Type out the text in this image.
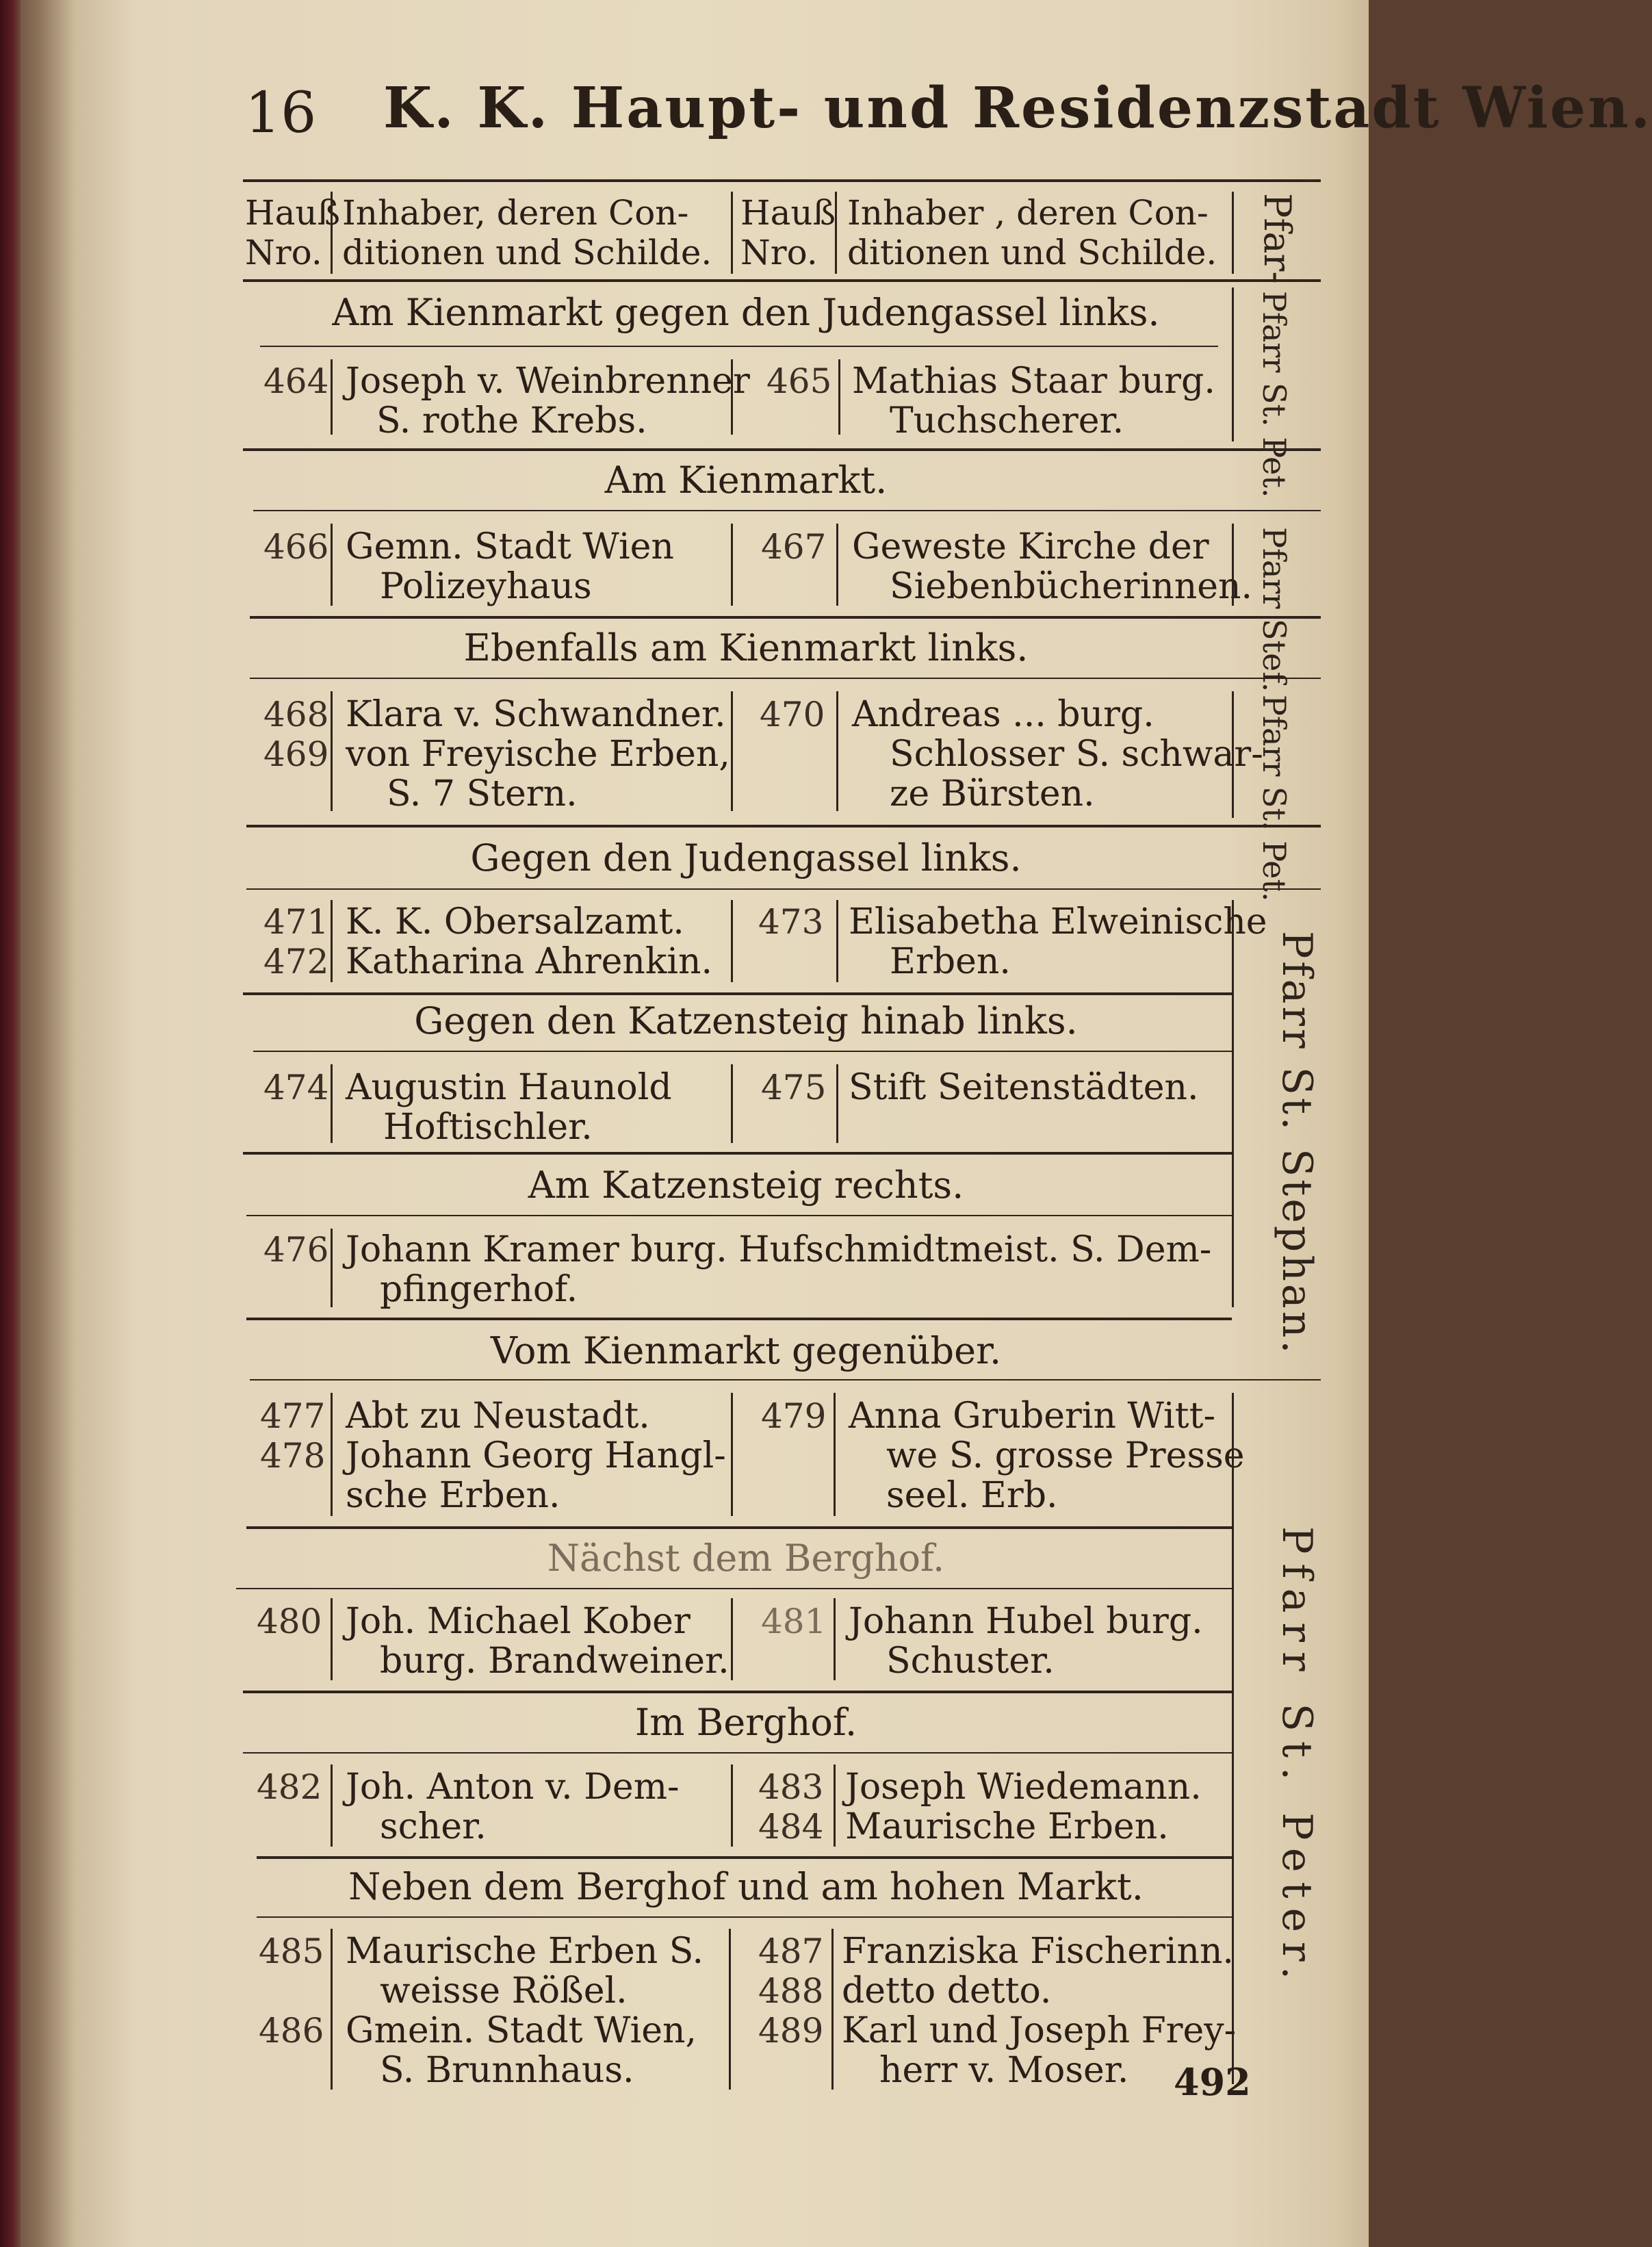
16 K. K. Haupt- und Residenzstadt Wien.
Hauß
Nro.
Inhaber, deren Con-
ditionen und Schilde.
Hauß
Nro.
Inhaber , deren Con-
ditionen und Schilde. Pfar-
Am Kienmarkt gegen den Judengassel links.
464 Joseph v. Weinbrenner
S. rothe Krebs.
465 Mathias Staar burg.
Tuchscherer.	Pfarr St. Pet.
Am Kienmarkt.
466 Gemn. Stadt Wien
Polizeyhaus
467 Geweste Kirche der
Siebenbücherinnen. Pfarr Stef.
Ebenfalls am Kienmarkt links.
468
469
Klara v. Schwandner.
von Freyische Erben,
S. 7 Stern.
470 Andreas ... burg.
Schlosser S. schwar-
ze Bürsten.	Pfarr St. Pet.
Gegen den Judengassel links.
471
472
K. K. Obersalzamt.
Katharina Ahrenkin.
473 Elisabetha Elweinische
Erben.
Gegen den Katzensteig hinab links.
474 Augustin Haunold
Hoftischler.
475 Stift Seitenstädten.
Am Katzensteig rechts.
476 Johann Kramer burg. Hufschmidtmeist. S. Dem-
pfingerhof.
Vom Kienmarkt gegenüber.
477
478
Abt zu Neustadt.
Johann Georg Hangl-
sche Erben.
479 Anna Gruberin Witt-
we S. grosse Presse
seel. Erb.
Nächst dem Berghof.
480 Joh. Michael Kober
burg. Brandweiner.
481 Johann Hubel burg.
Schuster.
Im Berghof.
482 Joh. Anton v. Dem-
scher.
483
484
Joseph Wiedemann.
Maurische Erben.
Neben dem Berghof und am hohen Markt.
485
486
Maurische Erben S.
weisse Rößel.
Gmein. Stadt Wien,
S. Brunnhaus.
487
488
489
Franziska Fischerinn.
detto detto.
Karl und Joseph Frey-
herr v. Moser.
Pfarr St. Stephan.
Pfarr St. Peter.
492
